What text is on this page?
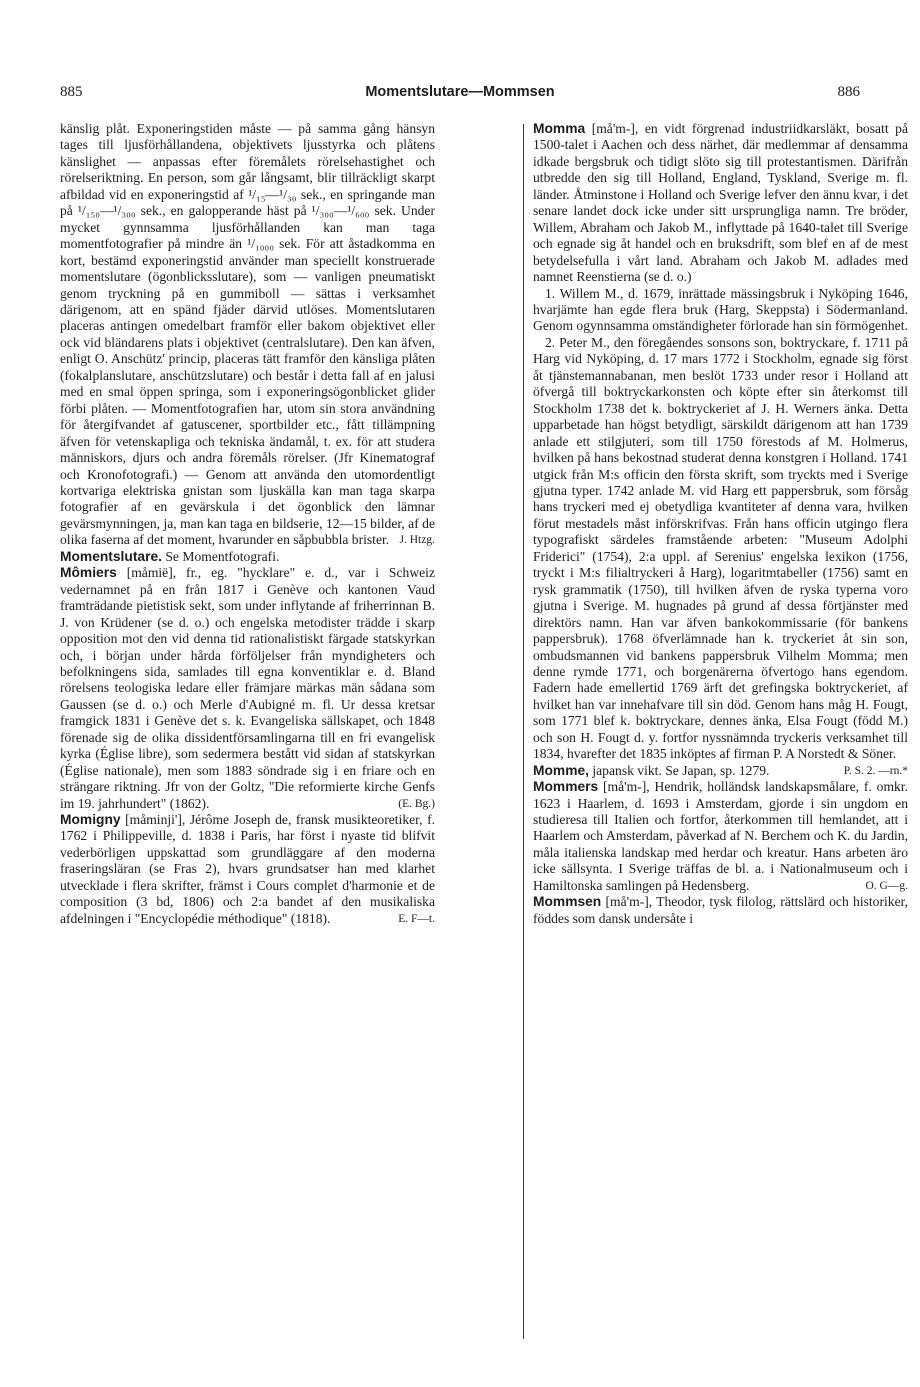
885	Momentslutare—Mommsen	886

känslig plåt. Exponeringstiden måste — på samma gång hänsyn tages till ljusförhållandena, objektivets ljusstyrka och plåtens känslighet — anpassas efter föremålets rörelsehastighet och rörelseriktning. En person, som går långsamt, blir tillräckligt skarpt afbildad vid en exponeringstid af ¹/₁₅—¹/₃₀ sek., en springande man på ¹/₁₅₀—¹/₃₀₀ sek., en galopperande häst på ¹/₃₀₀—¹/₆₀₀ sek. Under mycket gynnsamma ljusförhållanden kan man taga momentfotografier på mindre än ¹/₁₀₀₀ sek. För att åstadkomma en kort, bestämd exponeringstid använder man speciellt konstruerade momentslutare (ögonblicksslutare), som — vanligen pneumatiskt genom tryckning på en gummiboll — sättas i verksamhet därigenom, att en spänd fjäder därvid utlöses. Momentslutaren placeras antingen omedelbart framför eller bakom objektivet eller ock vid bländarens plats i objektivet (centralslutare). Den kan äfven, enligt O. Anschütz' princip, placeras tätt framför den känsliga plåten (fokalplanslutare, anschützslutare) och består i detta fall af en jalusi med en smal öppen springa, som i exponeringsögonblicket glider förbi plåten. — Momentfotografien har, utom sin stora användning för återgifvandet af gatuscener, sportbilder etc., fått tillämpning äfven för vetenskapliga och tekniska ändamål, t. ex. för att studera människors, djurs och andra föremåls rörelser. (Jfr Kinematograf och Kronofotografi.) — Genom att använda den utomordentligt kortvariga elektriska gnistan som ljuskälla kan man taga skarpa fotografier af en gevärskula i det ögonblick den lämnar gevärsmynningen, ja, man kan taga en bildserie, 12—15 bilder, af de olika faserna af det moment, hvarunder en såpbubbla brister. J. Htzg.

Momentslutare. Se Momentfotografi.

Mômiers [måmië], fr., eg. "hycklare" e. d., var i Schweiz vedernamnet på en från 1817 i Genève och kantonen Vaud framträdande pietistisk sekt, som under inflytande af friherrinnan B. J. von Krüdener (se d. o.) och engelska metodister trädde i skarp opposition mot den vid denna tid rationalistiskt färgade statskyrkan och, i början under hårda förföljelser från myndigheters och befolkningens sida, samlades till egna konventiklar e. d. Bland rörelsens teologiska ledare eller främjare märkas män sådana som Gaussen (se d. o.) och Merle d'Aubigné m. fl. Ur dessa kretsar framgick 1831 i Genève det s. k. Evangeliska sällskapet, och 1848 förenade sig de olika dissidentförsamlingarna till en fri evangelisk kyrka (Église libre), som sedermera bestått vid sidan af statskyrkan (Église nationale), men som 1883 söndrade sig i en friare och en strängare riktning. Jfr von der Goltz, "Die reformierte kirche Genfs im 19. jahrhundert" (1862).	(E. Bg.)

Momigny [måminji'], Jérôme Joseph de, fransk musikteoretiker, f. 1762 i Philippeville, d. 1838 i Paris, har först i nyaste tid blifvit vederbörligen uppskattad som grundläggare af den moderna fraseringsläran (se Fras 2), hvars grundsatser han med klarhet utvecklade i flera skrifter, främst i Cours complet d'harmonie et de composition (3 bd, 1806) och 2:a bandet af den musikaliska afdelningen i "Encyclopédie méthodique" (1818).	E. F—t.

Momma [må'm-], en vidt förgrenad industriidkarsläkt, bosatt på 1500-talet i Aachen och dess närhet, där medlemmar af densamma idkade bergsbruk och tidigt slöto sig till protestantismen. Därifrån utbredde den sig till Holland, England, Tyskland, Sverige m. fl. länder. Åtminstone i Holland och Sverige lefver den ännu kvar, i det senare landet dock icke under sitt ursprungliga namn. Tre bröder, Willem, Abraham och Jakob M., inflyttade på 1640-talet till Sverige och egnade sig åt handel och en bruksdrift, som blef en af de mest betydelsefulla i vårt land. Abraham och Jakob M. adlades med namnet Reenstierna (se d. o.)

1. Willem M., d. 1679, inrättade mässingsbruk i Nyköping 1646, hvarjämte han egde flera bruk (Harg, Skeppsta) i Södermanland. Genom ogynnsamma omständigheter förlorade han sin förmögenhet.

2. Peter M., den föregåendes sonsons son, boktryckare, f. 1711 på Harg vid Nyköping, d. 17 mars 1772 i Stockholm, egnade sig först åt tjänstemannabanan, men beslöt 1733 under resor i Holland att öfvergå till boktryckarkonsten och köpte efter sin återkomst till Stockholm 1738 det k. boktryckeriet af J. H. Werners änka. Detta upparbetade han högst betydligt, särskildt därigenom att han 1739 anlade ett stilgjuteri, som till 1750 förestods af M. Holmerus, hvilken på hans bekostnad studerat denna konstgren i Holland. 1741 utgick från M:s officin den första skrift, som tryckts med i Sverige gjutna typer. 1742 anlade M. vid Harg ett pappersbruk, som försåg hans tryckeri med ej obetydliga kvantiteter af denna vara, hvilken förut mestadels måst införskrifvas. Från hans officin utgingo flera typografiskt särdeles framstående arbeten: "Museum Adolphi Friderici" (1754), 2:a uppl. af Serenius' engelska lexikon (1756, tryckt i M:s filialtryckeri å Harg), logaritmtabeller (1756) samt en rysk grammatik (1750), till hvilken äfven de ryska typerna voro gjutna i Sverige. M. hugnades på grund af dessa förtjänster med direktörs namn. Han var äfven bankokommissarie (för bankens pappersbruk). 1768 öfverlämnade han k. tryckeriet åt sin son, ombudsmannen vid bankens pappersbruk Vilhelm Momma; men denne rymde 1771, och borgenärerna öfvertogo hans egendom. Fadern hade emellertid 1769 ärft det grefingska boktryckeriet, af hvilket han var innehafvare till sin död. Genom hans måg H. Fougt, som 1771 blef k. boktryckare, dennes änka, Elsa Fougt (född M.) och son H. Fougt d. y. fortfor nyssnämnda tryckeris verksamhet till 1834, hvarefter det 1835 inköptes af firman P. A Norstedt & Söner.
P. S. 2. —rn.*

Momme, japansk vikt. Se Japan, sp. 1279.

Mommers [må'm-], Hendrik, holländsk landskapsmålare, f. omkr. 1623 i Haarlem, d. 1693 i Amsterdam, gjorde i sin ungdom en studieresa till Italien och fortfor, återkommen till hemlandet, att i Haarlem och Amsterdam, påverkad af N. Berchem och K. du Jardin, måla italienska landskap med herdar och kreatur. Hans arbeten äro icke sällsynta. I Sverige träffas de bl. a. i Nationalmuseum och i Hamiltonska samlingen på Hedensberg.	O. G—g.

Mommsen [må'm-], Theodor, tysk filolog, rättslärd och historiker, föddes som dansk undersåte i
